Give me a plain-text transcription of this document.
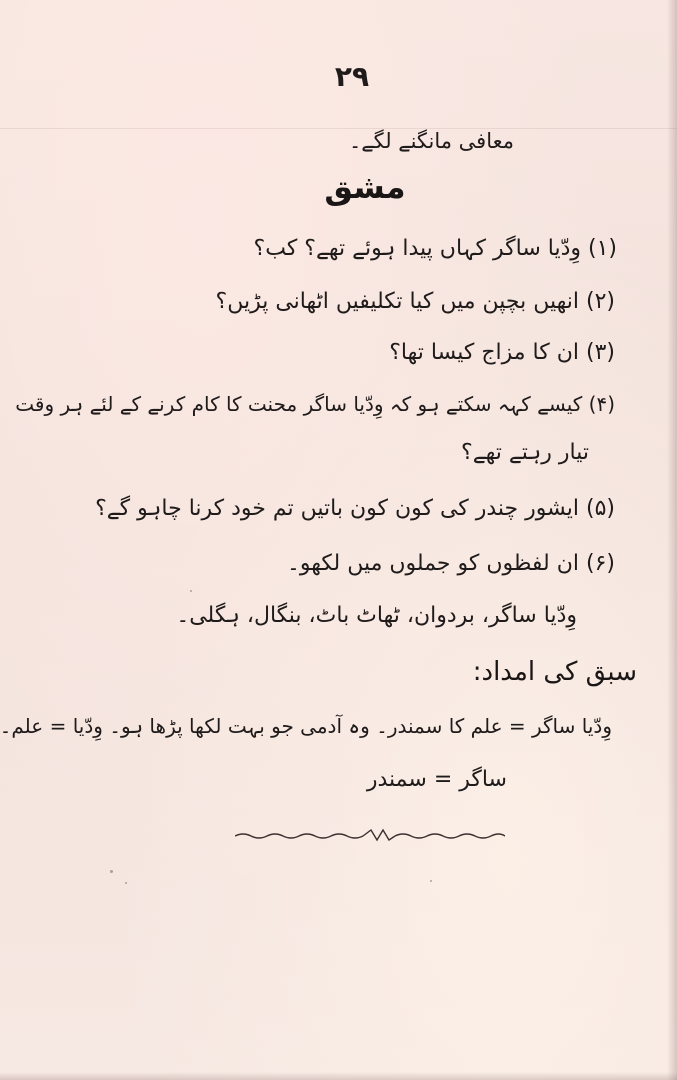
۲۹
معافی مانگنے لگے۔
مشق
(۱) وِدّیا ساگر کہاں پیدا ہوئے تھے؟ کب؟
(۲) انھیں بچپن میں کیا تکلیفیں اٹھانی پڑیں؟
(۳) ان کا مزاج کیسا تھا؟
(۴) کیسے کہہ سکتے ہو کہ وِدّیا ساگر محنت کا کام کرنے کے لئے ہر وقت
تیار رہتے تھے؟
(۵) ایشور چندر کی کون کون باتیں تم خود کرنا چاہو گے؟
(۶) ان لفظوں کو جملوں میں لکھو۔
وِدّیا ساگر، بردوان، ٹھاٹ باٹ، بنگال، ہگلی۔
سبق کی امداد:
وِدّیا ساگر = علم کا سمندر۔ وہ آدمی جو بہت لکھا پڑھا ہو۔ وِدّیا = علم۔
ساگر = سمندر
